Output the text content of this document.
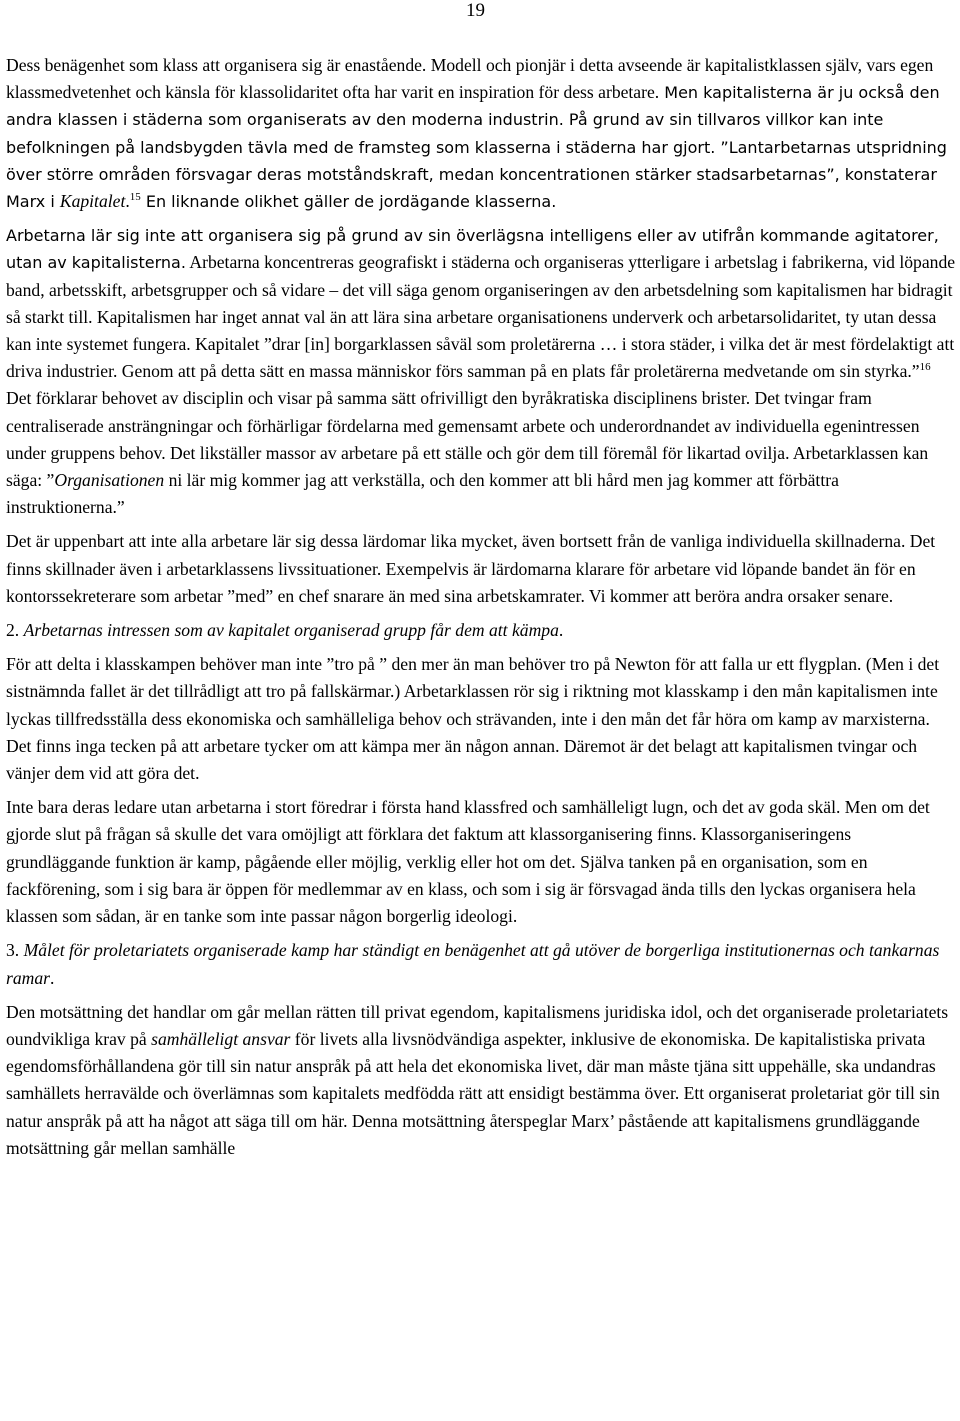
19

Dess benägenhet som klass att organisera sig är enastående. Modell och pionjär i detta avseende är kapitalistklassen själv, vars egen klassmedvetenhet och känsla för klassolidaritet ofta har varit en inspiration för dess arbetare. Men kapitalisterna är ju också den andra klassen i städerna som organiserats av den moderna industrin. På grund av sin tillvaros villkor kan inte befolkningen på landsbygden tävla med de framsteg som klasserna i städerna har gjort. ”Lantarbetarnas utspridning över större områden försvagar deras motståndskraft, medan koncentrationen stärker stadsarbetarnas”, konstaterar Marx i Kapitalet.$^{15}$ En liknande olikhet gäller de jordägande klasserna.

Arbetarna lär sig inte att organisera sig på grund av sin överlägsna intelligens eller av utifrån kommande agitatorer, utan av kapitalisterna. Arbetarna koncentreras geografiskt i städerna och organiseras ytterligare i arbetslag i fabrikerna, vid löpande band, arbetsskift, arbetsgrupper och så vidare – det vill säga genom organiseringen av den arbetsdelning som kapitalismen har bidragit så starkt till. Kapitalismen har inget annat val än att lära sina arbetare organisationens underverk och arbetarsolidaritet, ty utan dessa kan inte systemet fungera. Kapitalet ”drar [in] borgarklassen såväl som proletärerna … i stora städer, i vilka det är mest fördelaktigt att driva industrier. Genom att på detta sätt en massa människor förs samman på en plats får proletärerna medvetande om sin styrka.”$^{16}$ Det förklarar behovet av disciplin och visar på samma sätt ofrivilligt den byråkratiska disciplinens brister. Det tvingar fram centraliserade ansträngningar och förhärligar fördelarna med gemensamt arbete och underordnandet av individuella egenintressen under gruppens behov. Det likställer massor av arbetare på ett ställe och gör dem till föremål för likartad ovilja. Arbetarklassen kan säga: ”Organisationen ni lär mig kommer jag att verkställa, och den kommer att bli hård men jag kommer att förbättra instruktionerna.”

Det är uppenbart att inte alla arbetare lär sig dessa lärdomar lika mycket, även bortsett från de vanliga individuella skillnaderna. Det finns skillnader även i arbetarklassens livssituationer. Exempelvis är lärdomarna klarare för arbetare vid löpande bandet än för en kontorssekreterare som arbetar ”med” en chef snarare än med sina arbetskamrater. Vi kommer att beröra andra orsaker senare.

2. Arbetarnas intressen som av kapitalet organiserad grupp får dem att kämpa.

För att delta i klasskampen behöver man inte ”tro på ” den mer än man behöver tro på Newton för att falla ur ett flygplan. (Men i det sistnämnda fallet är det tillrådligt att tro på fallskärmar.) Arbetarklassen rör sig i riktning mot klasskamp i den mån kapitalismen inte lyckas tillfredsställa dess ekonomiska och samhälleliga behov och strävanden, inte i den mån det får höra om kamp av marxisterna. Det finns inga tecken på att arbetare tycker om att kämpa mer än någon annan. Däremot är det belagt att kapitalismen tvingar och vänjer dem vid att göra det.

Inte bara deras ledare utan arbetarna i stort föredrar i första hand klassfred och samhälleligt lugn, och det av goda skäl. Men om det gjorde slut på frågan så skulle det vara omöjligt att förklara det faktum att klassorganisering finns. Klassorganiseringens grundläggande funktion är kamp, pågående eller möjlig, verklig eller hot om det. Själva tanken på en organisation, som en fackförening, som i sig bara är öppen för medlemmar av en klass, och som i sig är försvagad ända tills den lyckas organisera hela klassen som sådan, är en tanke som inte passar någon borgerlig ideologi.

3. Målet för proletariatets organiserade kamp har ständigt en benägenhet att gå utöver de borgerliga institutionernas och tankarnas ramar.

Den motsättning det handlar om går mellan rätten till privat egendom, kapitalismens juridiska idol, och det organiserade proletariatets oundvikliga krav på samhälleligt ansvar för livets alla livsnödvändiga aspekter, inklusive de ekonomiska. De kapitalistiska privata egendomsförhållandena gör till sin natur anspråk på att hela det ekonomiska livet, där man måste tjäna sitt uppehälle, ska undandras samhällets herravälde och överlämnas som kapitalets medfödda rätt att ensidigt bestämma över. Ett organiserat proletariat gör till sin natur anspråk på att ha något att säga till om här. Denna motsättning återspeglar Marx’ påstående att kapitalismens grundläggande motsättning går mellan samhälle
